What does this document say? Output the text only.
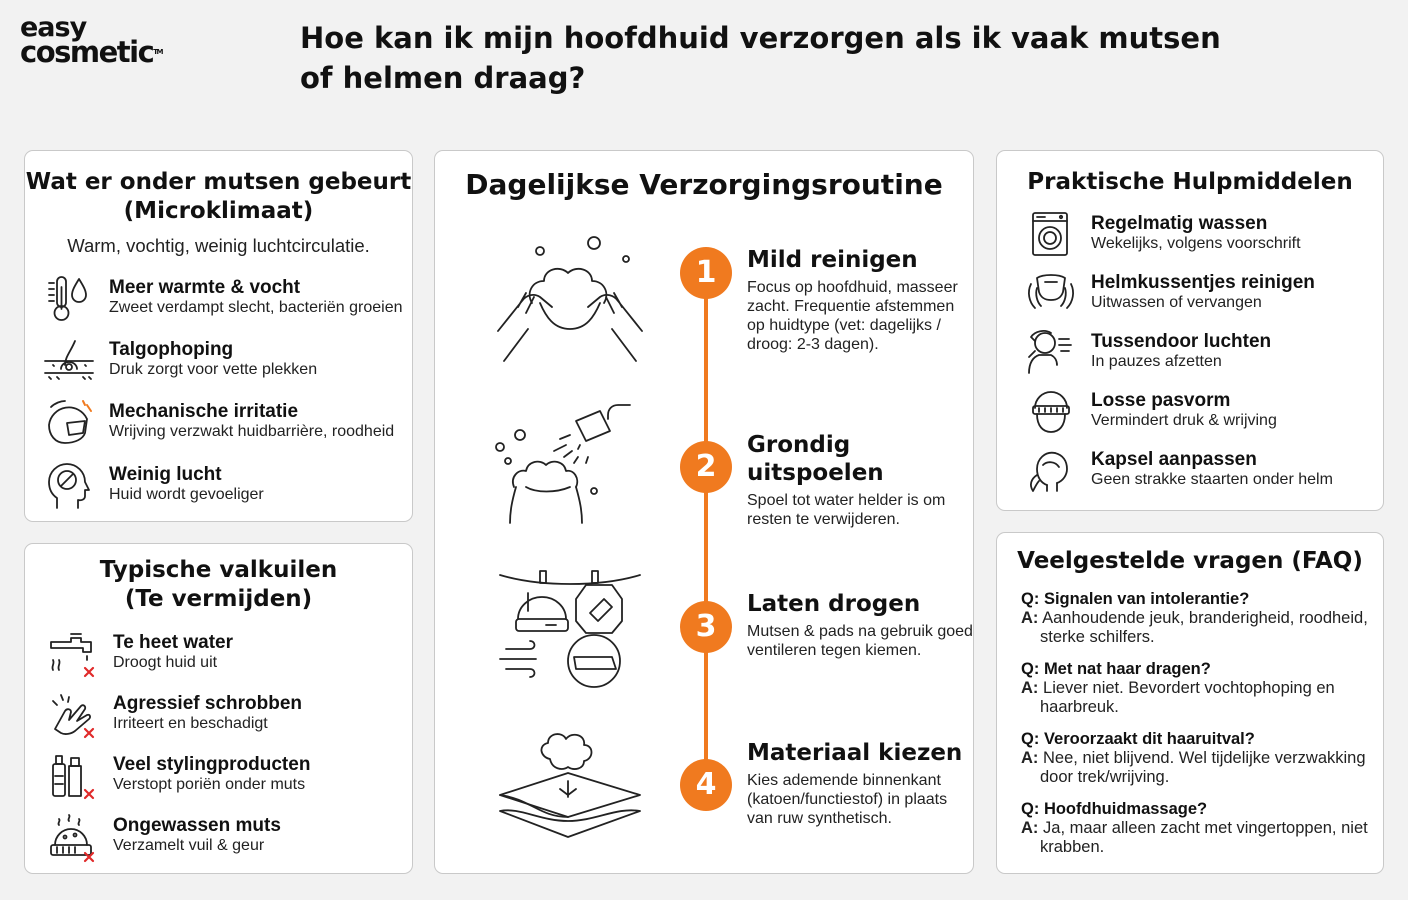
easy
cosmetic™	Hoe kan ik mijn hoofdhuid verzorgen als ik vaak mutsen of helmen draag?
Wat er onder mutsen gebeurt
(Microklimaat)
Warm, vochtig, weinig luchtcirculatie.
Meer warmte & vocht
Zweet verdampt slecht, bacteriën groeien
Talgophoping
Druk zorgt voor vette plekken
Mechanische irritatie
Wrijving verzwakt huidbarrière, roodheid
Weinig lucht
Huid wordt gevoeliger
Typische valkuilen
(Te vermijden)
Te heet water
Droogt huid uit
Agressief schrobben
Irriteert en beschadigt
Veel stylingproducten
Verstopt poriën onder muts
Ongewassen muts
Verzamelt vuil & geur
Dagelijkse Verzorgingsroutine
1	Mild reinigen
Focus op hoofdhuid, masseer zacht. Frequentie afstemmen op huidtype (vet: dagelijks / droog: 2-3 dagen).
2
Grondig uitspoelen
Spoel tot water helder is om resten te verwijderen.
3
Laten drogen
Mutsen & pads na gebruik goed ventileren tegen kiemen.
4
Materiaal kiezen
Kies ademende binnenkant (katoen/functiestof) in plaats van ruw synthetisch.
Praktische Hulpmiddelen
Regelmatig wassen
Wekelijks, volgens voorschrift
Helmkussentjes reinigen
Uitwassen of vervangen
Tussendoor luchten
In pauzes afzetten
Losse pasvorm
Vermindert druk & wrijving
Kapsel aanpassen
Geen strakke staarten onder helm
Veelgestelde vragen (FAQ)
Q: Signalen van intolerantie?
A: Aanhoudende jeuk, branderigheid, roodheid, sterke schilfers.
Q: Met nat haar dragen?
A: Liever niet. Bevordert vochtophoping en haarbreuk.
Q: Veroorzaakt dit haaruitval?
A: Nee, niet blijvend. Wel tijdelijke verzwakking door trek/wrijving.
Q: Hoofdhuidmassage?
A: Ja, maar alleen zacht met vingertoppen, niet krabben.
